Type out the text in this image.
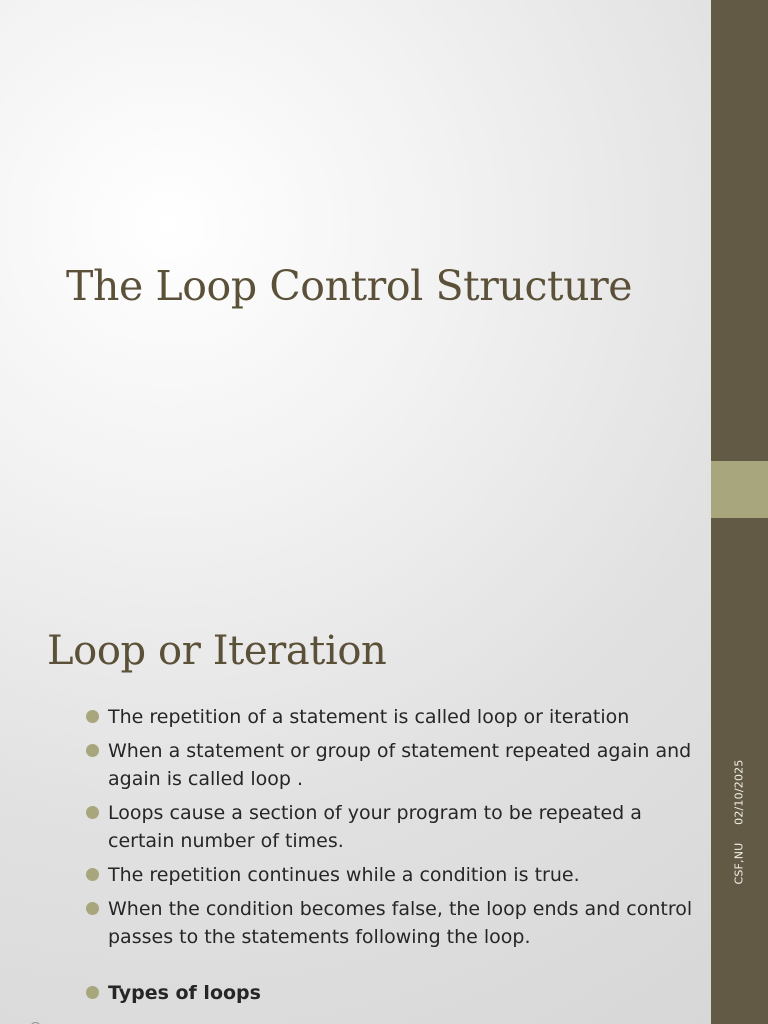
The Loop Control Structure
Loop or Iteration
The repetition of a statement is called loop or iteration
When a statement or group of statement repeated again and again is called loop .
Loops cause a section of your program to be repeated a certain number of times.
The repetition continues while a condition is true.
When the condition becomes false, the loop ends and control passes to the statements following the loop.
Types of loops
CSF,NU 02/10/2025
